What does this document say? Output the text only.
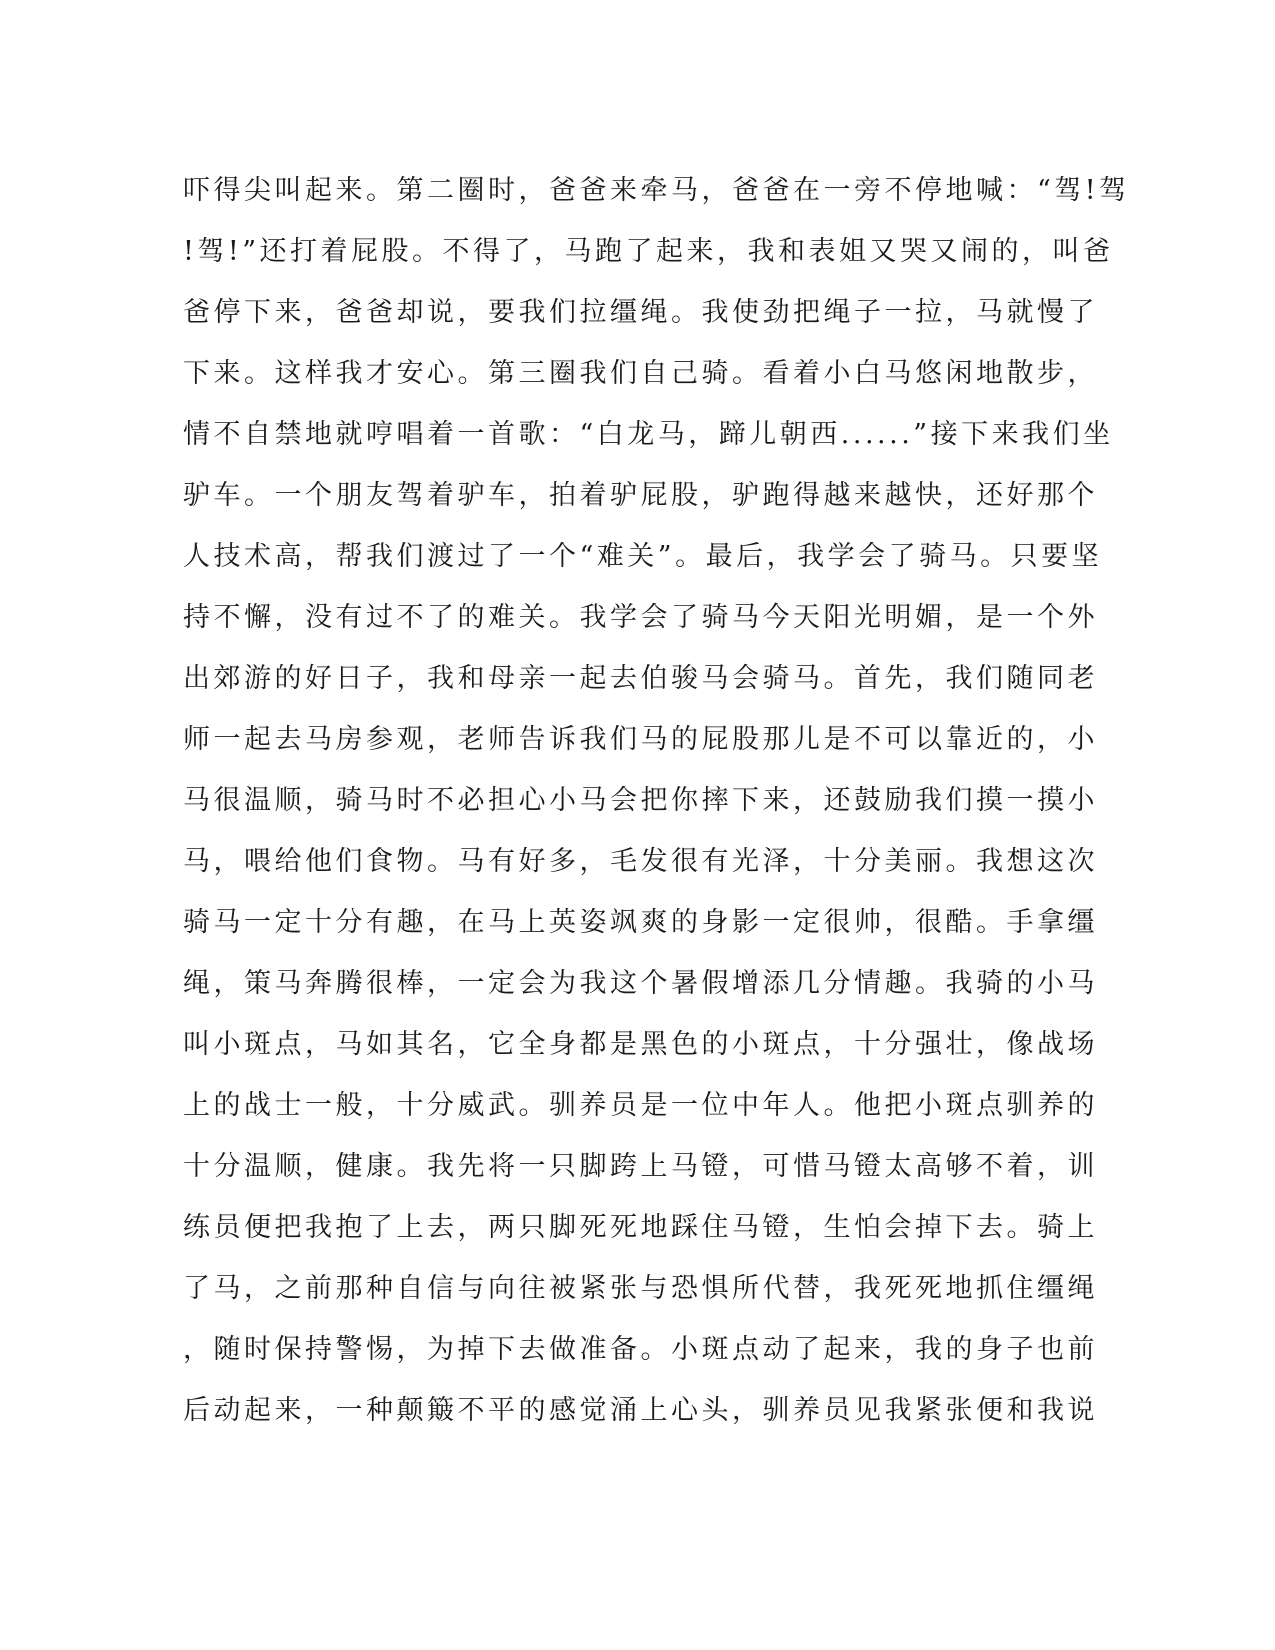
吓得尖叫起来。第二圈时，爸爸来牵马，爸爸在一旁不停地喊：“驾!驾
!驾!”还打着屁股。不得了，马跑了起来，我和表姐又哭又闹的，叫爸
爸停下来，爸爸却说，要我们拉缰绳。我使劲把绳子一拉，马就慢了
下来。这样我才安心。第三圈我们自己骑。看着小白马悠闲地散步，
情不自禁地就哼唱着一首歌：“白龙马，蹄儿朝西......”接下来我们坐
驴车。一个朋友驾着驴车，拍着驴屁股，驴跑得越来越快，还好那个
人技术高，帮我们渡过了一个“难关”。最后，我学会了骑马。只要坚
持不懈，没有过不了的难关。我学会了骑马今天阳光明媚，是一个外
出郊游的好日子，我和母亲一起去伯骏马会骑马。首先，我们随同老
师一起去马房参观，老师告诉我们马的屁股那儿是不可以靠近的，小
马很温顺，骑马时不必担心小马会把你摔下来，还鼓励我们摸一摸小
马，喂给他们食物。马有好多，毛发很有光泽，十分美丽。我想这次
骑马一定十分有趣，在马上英姿飒爽的身影一定很帅，很酷。手拿缰
绳，策马奔腾很棒，一定会为我这个暑假增添几分情趣。我骑的小马
叫小斑点，马如其名，它全身都是黑色的小斑点，十分强壮，像战场
上的战士一般，十分威武。驯养员是一位中年人。他把小斑点驯养的
十分温顺，健康。我先将一只脚跨上马镫，可惜马镫太高够不着，训
练员便把我抱了上去，两只脚死死地踩住马镫，生怕会掉下去。骑上
了马，之前那种自信与向往被紧张与恐惧所代替，我死死地抓住缰绳
，随时保持警惕，为掉下去做准备。小斑点动了起来，我的身子也前
后动起来，一种颠簸不平的感觉涌上心头，驯养员见我紧张便和我说
